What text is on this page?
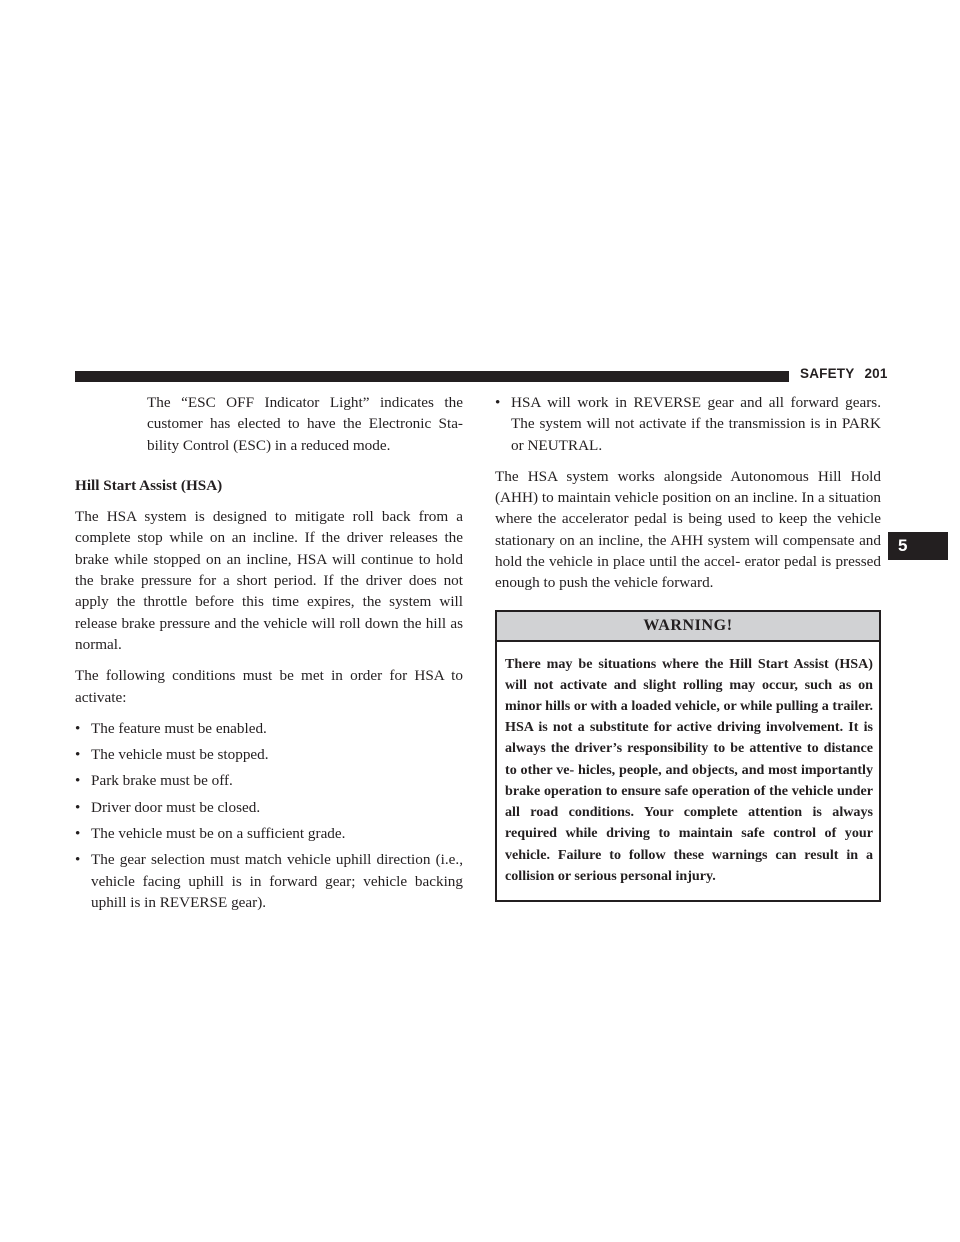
SAFETY 201
5

The “ESC OFF Indicator Light” indicates the customer has elected to have the Electronic Sta- bility Control (ESC) in a reduced mode.

Hill Start Assist (HSA)

The HSA system is designed to mitigate roll back from a complete stop while on an incline. If the driver releases the brake while stopped on an incline, HSA will continue to hold the brake pressure for a short period. If the driver does not apply the throttle before this time expires, the system will release brake pressure and the vehicle will roll down the hill as normal.

The following conditions must be met in order for HSA to activate:

• The feature must be enabled.
• The vehicle must be stopped.
• Park brake must be off.
• Driver door must be closed.
• The vehicle must be on a sufficient grade.
• The gear selection must match vehicle uphill direction (i.e., vehicle facing uphill is in forward gear; vehicle backing uphill is in REVERSE gear).
• HSA will work in REVERSE gear and all forward gears. The system will not activate if the transmission is in PARK or NEUTRAL.

The HSA system works alongside Autonomous Hill Hold (AHH) to maintain vehicle position on an incline. In a situation where the accelerator pedal is being used to keep the vehicle stationary on an incline, the AHH system will compensate and hold the vehicle in place until the accel- erator pedal is pressed enough to push the vehicle forward.

WARNING!
There may be situations where the Hill Start Assist (HSA) will not activate and slight rolling may occur, such as on minor hills or with a loaded vehicle, or while pulling a trailer. HSA is not a substitute for active driving involvement. It is always the driver’s responsibility to be attentive to distance to other ve- hicles, people, and objects, and most importantly brake operation to ensure safe operation of the vehicle under all road conditions. Your complete attention is always required while driving to maintain safe control of your vehicle. Failure to follow these warnings can result in a collision or serious personal injury.
